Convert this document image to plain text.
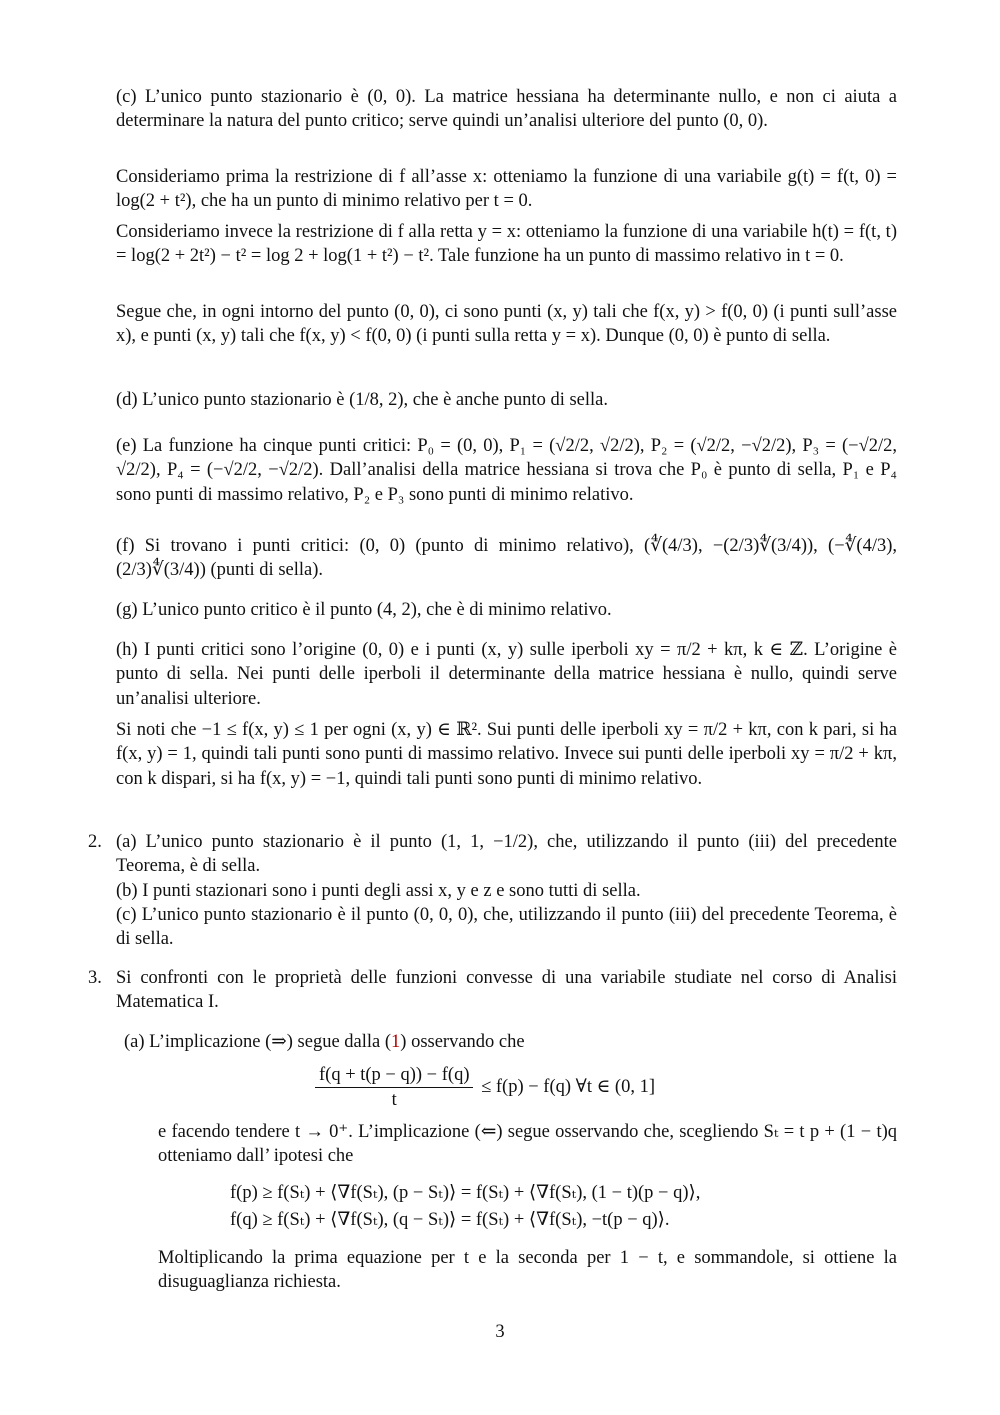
(c) L’unico punto stazionario è (0, 0). La matrice hessiana ha determinante nullo, e non ci aiuta a determinare la natura del punto critico; serve quindi un’analisi ulteriore del punto (0, 0).

Consideriamo prima la restrizione di f all’asse x: otteniamo la funzione di una variabile g(t) = f(t, 0) = log(2 + t²), che ha un punto di minimo relativo per t = 0.

Consideriamo invece la restrizione di f alla retta y = x: otteniamo la funzione di una variabile h(t) = f(t, t) = log(2 + 2t²) − t² = log 2 + log(1 + t²) − t². Tale funzione ha un punto di massimo relativo in t = 0.

Segue che, in ogni intorno del punto (0, 0), ci sono punti (x, y) tali che f(x, y) > f(0, 0) (i punti sull’asse x), e punti (x, y) tali che f(x, y) < f(0, 0) (i punti sulla retta y = x). Dunque (0, 0) è punto di sella.

(d) L’unico punto stazionario è (1/8, 2), che è anche punto di sella.

(e) La funzione ha cinque punti critici: P₀ = (0, 0), P₁ = (√2/2, √2/2), P₂ = (√2/2, −√2/2), P₃ = (−√2/2, √2/2), P₄ = (−√2/2, −√2/2). Dall’analisi della matrice hessiana si trova che P₀ è punto di sella, P₁ e P₄ sono punti di massimo relativo, P₂ e P₃ sono punti di minimo relativo.

(f) Si trovano i punti critici: (0, 0) (punto di minimo relativo), (∜(4/3), −(2/3)∜(3/4)), (−∜(4/3), (2/3)∜(3/4)) (punti di sella).

(g) L’unico punto critico è il punto (4, 2), che è di minimo relativo.

(h) I punti critici sono l’origine (0, 0) e i punti (x, y) sulle iperboli xy = π/2 + kπ, k ∈ ℤ. L’origine è punto di sella. Nei punti delle iperboli il determinante della matrice hessiana è nullo, quindi serve un’analisi ulteriore.

Si noti che −1 ≤ f(x, y) ≤ 1 per ogni (x, y) ∈ ℝ². Sui punti delle iperboli xy = π/2 + kπ, con k pari, si ha f(x, y) = 1, quindi tali punti sono punti di massimo relativo. Invece sui punti delle iperboli xy = π/2 + kπ, con k dispari, si ha f(x, y) = −1, quindi tali punti sono punti di minimo relativo.

2. (a) L’unico punto stazionario è il punto (1, 1, −1/2), che, utilizzando il punto (iii) del precedente Teorema, è di sella.

(b) I punti stazionari sono i punti degli assi x, y e z e sono tutti di sella.

(c) L’unico punto stazionario è il punto (0, 0, 0), che, utilizzando il punto (iii) del precedente Teorema, è di sella.

3. Si confronti con le proprietà delle funzioni convesse di una variabile studiate nel corso di Analisi Matematica I.

(a) L’implicazione (⇒) segue dalla (1) osservando che

$\frac{f(q + t(p - q)) - f(q)}{t} \le f(p) - f(q)$ ∀t ∈ (0, 1]

e facendo tendere t → 0⁺. L’implicazione (⇐) segue osservando che, scegliendo Sₜ = t p + (1 − t)q otteniamo dall’ ipotesi che

f(p) ≥ f(Sₜ) + ⟨∇f(Sₜ), (p − Sₜ)⟩ = f(Sₜ) + ⟨∇f(Sₜ), (1 − t)(p − q)⟩,
f(q) ≥ f(Sₜ) + ⟨∇f(Sₜ), (q − Sₜ)⟩ = f(Sₜ) + ⟨∇f(Sₜ), −t(p − q)⟩.

Moltiplicando la prima equazione per t e la seconda per 1 − t, e sommandole, si ottiene la disuguaglianza richiesta.

3
